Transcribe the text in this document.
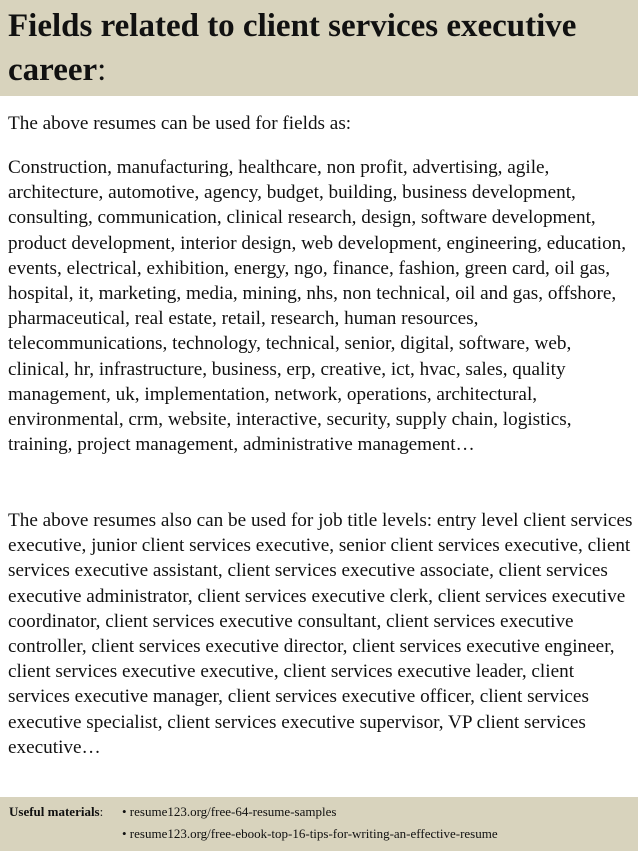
Fields related to client services executive career:

The above resumes can be used for fields as:

Construction, manufacturing, healthcare, non profit, advertising, agile, architecture, automotive, agency, budget, building, business development, consulting, communication, clinical research, design, software development, product development, interior design, web development, engineering, education, events, electrical, exhibition, energy, ngo, finance, fashion, green card, oil gas, hospital, it, marketing, media, mining, nhs, non technical, oil and gas, offshore, pharmaceutical, real estate, retail, research, human resources, telecommunications, technology, technical, senior, digital, software, web, clinical, hr, infrastructure, business, erp, creative, ict, hvac, sales, quality management, uk, implementation, network, operations, architectural, environmental, crm, website, interactive, security, supply chain, logistics, training, project management, administrative management…

The above resumes also can be used for job title levels: entry level client services executive, junior client services executive, senior client services executive, client services executive assistant, client services executive associate, client services executive administrator, client services executive clerk, client services executive coordinator, client services executive consultant, client services executive controller, client services executive director, client services executive engineer, client services executive executive, client services executive leader, client services executive manager, client services executive officer, client services executive specialist, client services executive supervisor, VP client services executive…

Useful materials: • resume123.org/free-64-resume-samples
• resume123.org/free-ebook-top-16-tips-for-writing-an-effective-resume
